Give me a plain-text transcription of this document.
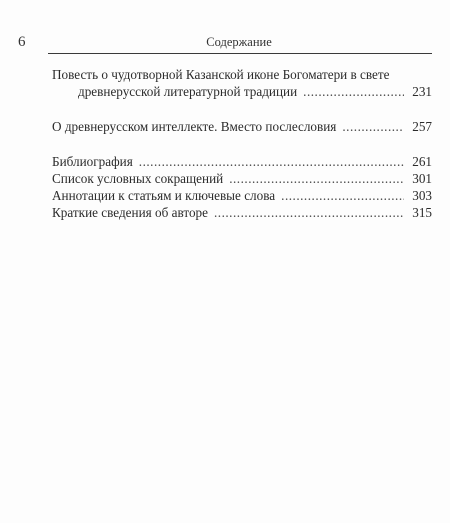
6	Содержание
Повесть о чудотворной Казанской иконе Богоматери в свете
древнерусской литературной традиции .....	231
О древнерусском интеллекте. Вместо послесловия .....	257
Библиография .....	261
Список условных сокращений .....	301
Аннотации к статьям и ключевые слова .....	303
Краткие сведения об авторе .....	315
